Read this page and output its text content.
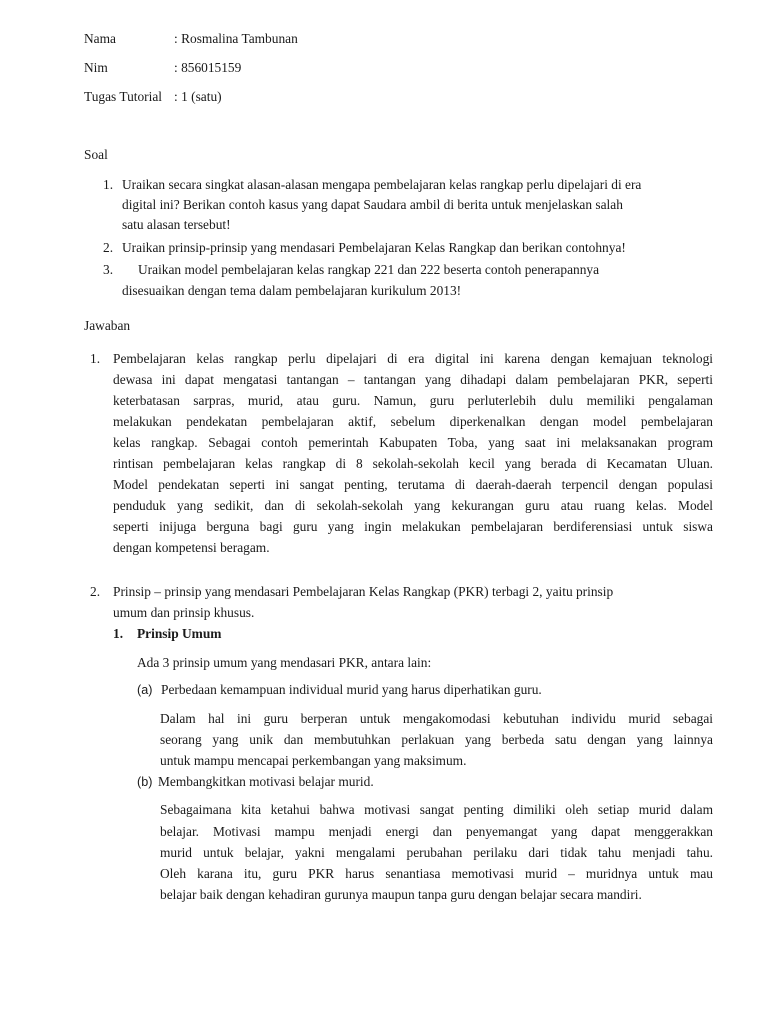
Nama	: Rosmalina Tambunan
Nim	: 856015159
Tugas Tutorial : 1 (satu)
Soal
1. Uraikan secara singkat alasan-alasan mengapa pembelajaran kelas rangkap perlu dipelajari di era
digital ini? Berikan contoh kasus yang dapat Saudara ambil di berita untuk menjelaskan salah
satu alasan tersebut!
2. Uraikan prinsip-prinsip yang mendasari Pembelajaran Kelas Rangkap dan berikan contohnya!
3. Uraikan model pembelajaran kelas rangkap 221 dan 222 beserta contoh penerapannya
disesuaikan dengan tema dalam pembelajaran kurikulum 2013!
Jawaban
1. Pembelajaran kelas rangkap perlu dipelajari di era digital ini karena dengan kemajuan teknologi
dewasa ini dapat mengatasi tantangan – tantangan yang dihadapi dalam pembelajaran PKR, seperti
keterbatasan sarpras, murid, atau guru. Namun, guru perluterlebih dulu memiliki pengalaman
melakukan pendekatan pembelajaran aktif, sebelum diperkenalkan dengan model pembelajaran
kelas rangkap. Sebagai contoh pemerintah Kabupaten Toba, yang saat ini melaksanakan program
rintisan pembelajaran kelas rangkap di 8 sekolah-sekolah kecil yang berada di Kecamatan Uluan.
Model pendekatan seperti ini sangat penting, terutama di daerah-daerah terpencil dengan populasi
penduduk yang sedikit, dan di sekolah-sekolah yang kekurangan guru atau ruang kelas. Model
seperti inijuga berguna bagi guru yang ingin melakukan pembelajaran berdiferensiasi untuk siswa
dengan kompetensi beragam.
2. Prinsip – prinsip yang mendasari Pembelajaran Kelas Rangkap (PKR) terbagi 2, yaitu prinsip
umum dan prinsip khusus.
1. Prinsip Umum
Ada 3 prinsip umum yang mendasari PKR, antara lain:
(a) Perbedaan kemampuan individual murid yang harus diperhatikan guru.
Dalam hal ini guru berperan untuk mengakomodasi kebutuhan individu murid sebagai
seorang yang unik dan membutuhkan perlakuan yang berbeda satu dengan yang lainnya
untuk mampu mencapai perkembangan yang maksimum.
(b) Membangkitkan motivasi belajar murid.
Sebagaimana kita ketahui bahwa motivasi sangat penting dimiliki oleh setiap murid dalam
belajar. Motivasi mampu menjadi energi dan penyemangat yang dapat menggerakkan
murid untuk belajar, yakni mengalami perubahan perilaku dari tidak tahu menjadi tahu.
Oleh karana itu, guru PKR harus senantiasa memotivasi murid – muridnya untuk mau
belajar baik dengan kehadiran gurunya maupun tanpa guru dengan belajar secara mandiri.
